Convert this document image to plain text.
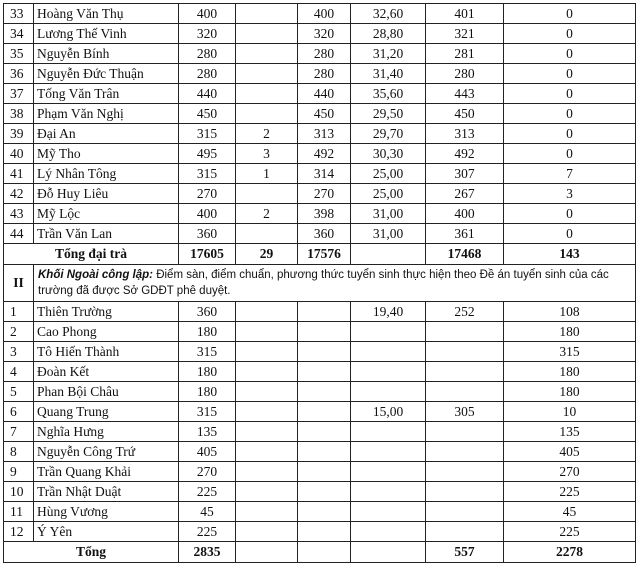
33	Hoàng Văn Thụ	400		400	32,60	401	0
34	Lương Thế Vinh	320		320	28,80	321	0
35	Nguyễn Bính	280		280	31,20	281	0
36	Nguyễn Đức Thuận	280		280	31,40	280	0
37	Tống Văn Trân	440		440	35,60	443	0
38	Phạm Văn Nghị	450		450	29,50	450	0
39	Đại An	315	2	313	29,70	313	0
40	Mỹ Tho	495	3	492	30,30	492	0
41	Lý Nhân Tông	315	1	314	25,00	307	7
42	Đỗ Huy Liêu	270		270	25,00	267	3
43	Mỹ Lộc	400	2	398	31,00	400	0
44	Trần Văn Lan	360		360	31,00	361	0
Tổng đại trà		17605	29	17576		17468	143
II	Khối Ngoài công lập: Điểm sàn, điểm chuẩn, phương thức tuyển sinh thực hiện theo Đề án tuyển sinh của các trường đã được Sở GDĐT phê duyệt.						
1	Thiên Trường	360			19,40	252	108
2	Cao Phong	180					180
3	Tô Hiến Thành	315					315
4	Đoàn Kết	180					180
5	Phan Bội Châu	180					180
6	Quang Trung	315			15,00	305	10
7	Nghĩa Hưng	135					135
8	Nguyễn Công Trứ	405					405
9	Trần Quang Khải	270					270
10	Trần Nhật Duật	225					225
11	Hùng Vương	45					45
12	Ý Yên	225					225
Tổng		2835				557	2278
